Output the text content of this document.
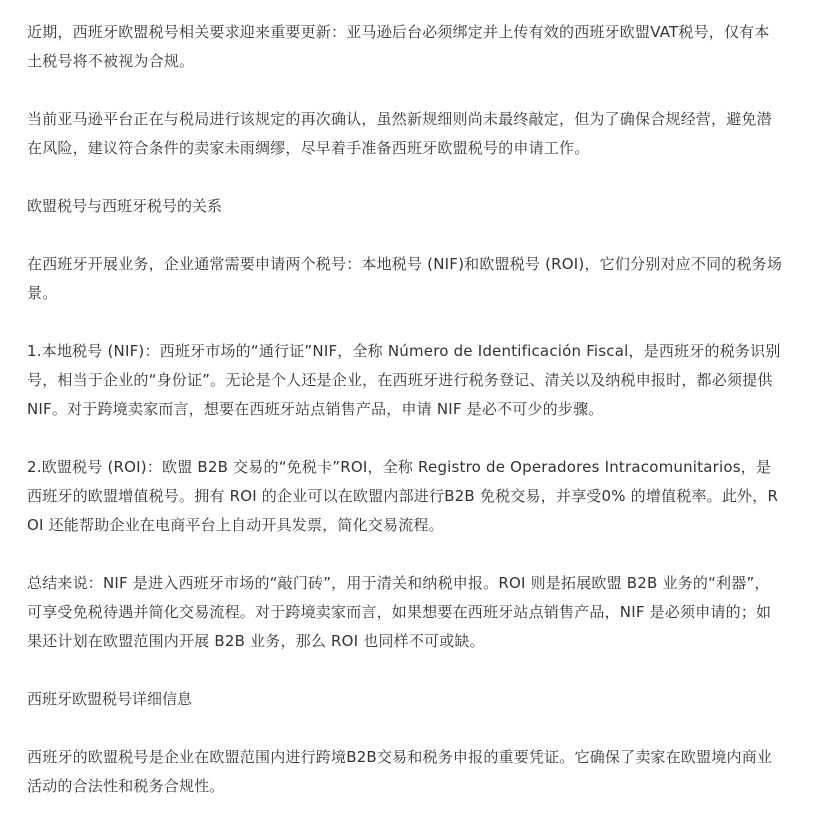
近期，西班牙欧盟税号相关要求迎来重要更新：亚马逊后台必须绑定并上传有效的西班牙欧盟VAT税号，仅有本土税号将不被视为合规。

当前亚马逊平台正在与税局进行该规定的再次确认，虽然新规细则尚未最终敲定，但为了确保合规经营，避免潜在风险，建议符合条件的卖家未雨绸缪，尽早着手准备西班牙欧盟税号的申请工作。

欧盟税号与西班牙税号的关系

在西班牙开展业务，企业通常需要申请两个税号：本地税号 (NIF)和欧盟税号 (ROI)，它们分别对应不同的税务场景。

1.本地税号 (NIF)：西班牙市场的“通行证”NIF，全称 Número de Identificación Fiscal，是西班牙的税务识别号，相当于企业的“身份证”。无论是个人还是企业，在西班牙进行税务登记、清关以及纳税申报时，都必须提供 NIF。对于跨境卖家而言，想要在西班牙站点销售产品，申请 NIF 是必不可少的步骤。

2.欧盟税号 (ROI)：欧盟 B2B 交易的“免税卡”ROI，全称 Registro de Operadores Intracomunitarios，是西班牙的欧盟增值税号。拥有 ROI 的企业可以在欧盟内部进行B2B 免税交易，并享受0% 的增值税率。此外，ROI 还能帮助企业在电商平台上自动开具发票，简化交易流程。

总结来说：NIF 是进入西班牙市场的“敲门砖”，用于清关和纳税申报。ROI 则是拓展欧盟 B2B 业务的“利器”，可享受免税待遇并简化交易流程。对于跨境卖家而言，如果想要在西班牙站点销售产品，NIF 是必须申请的；如果还计划在欧盟范围内开展 B2B 业务，那么 ROI 也同样不可或缺。

西班牙欧盟税号详细信息

西班牙的欧盟税号是企业在欧盟范围内进行跨境B2B交易和税务申报的重要凭证。它确保了卖家在欧盟境内商业活动的合法性和税务合规性。
